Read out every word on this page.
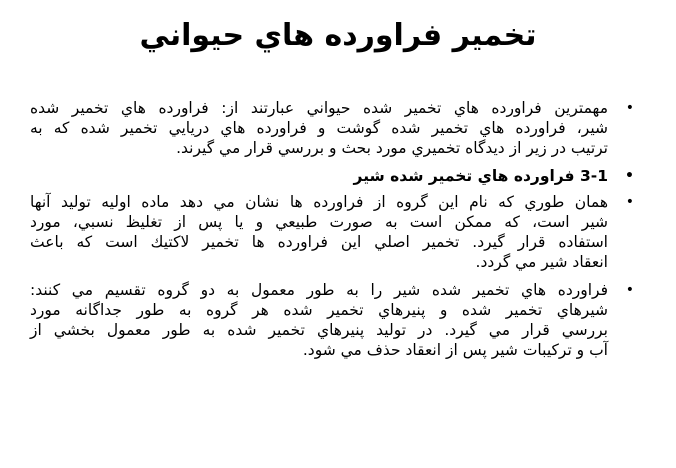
تخمير فراورده هاي حيواني
•
مهمترين فراورده هاي تخمير شده حيواني عبارتند از: فراورده هاي تخمير شده
شير، فراورده هاي تخمير شده گوشت و فراورده هاي دريايي تخمير شده كه به
ترتيب در زير از ديدگاه تخميري مورد بحث و بررسي قرار مي گيرند.
•
3-1 فراورده هاي تخمير شده شير
•
همان طوري كه نام اين گروه از فراورده ها نشان مي دهد ماده اوليه توليد آنها
شير است، كه ممكن است به صورت طبيعي و يا پس از تغليظ نسبي، مورد
استفاده قرار گيرد. تخمير اصلي اين فراورده ها تخمير لاكتيك است كه باعث
انعقاد شير مي گردد.
•
فراورده هاي تخمير شده شير را به طور معمول به دو گروه تقسيم مي كنند:
شيرهاي تخمير شده و پنيرهاي تخمير شده هر گروه به طور جداگانه مورد
بررسي قرار مي گيرد. در توليد پنيرهاي تخمير شده به طور معمول بخشي از
آب و تركيبات شير پس از انعقاد حذف مي شود.
